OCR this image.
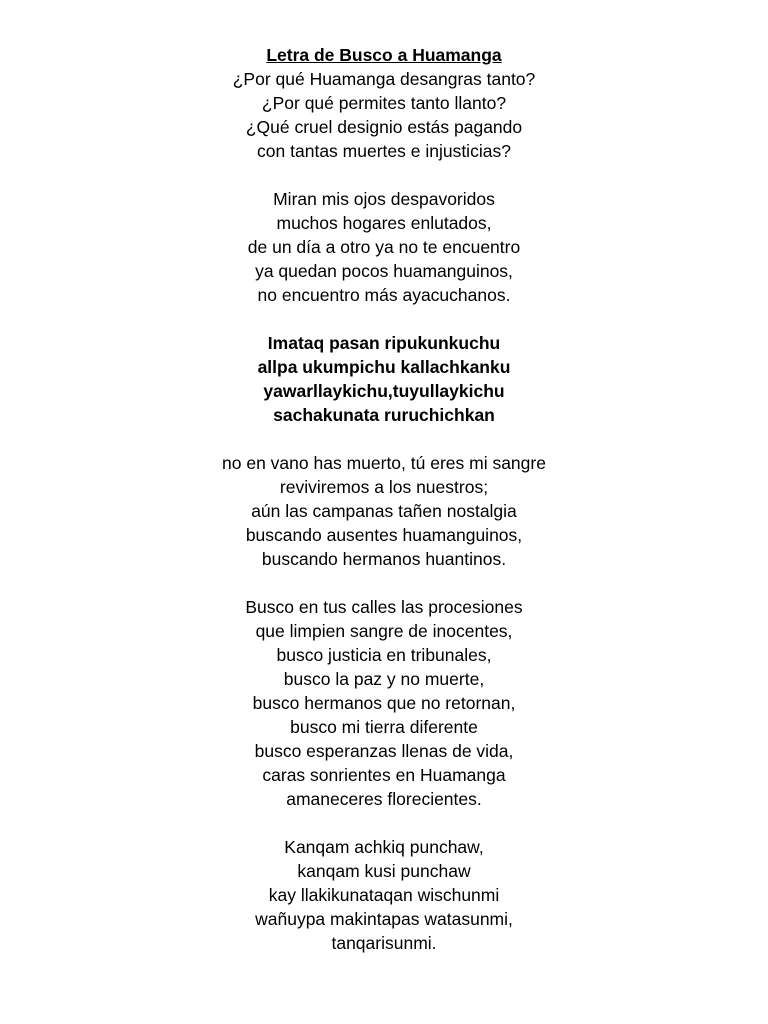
Letra de Busco a Huamanga
¿Por qué Huamanga desangras tanto?
¿Por qué permites tanto llanto?
¿Qué cruel designio estás pagando
con tantas muertes e injusticias?
Miran mis ojos despavoridos
muchos hogares enlutados,
de un día a otro ya no te encuentro
ya quedan pocos huamanguinos,
no encuentro más ayacuchanos.
Imataq pasan ripukunkuchu
allpa ukumpichu kallachkanku
yawarllaykichu,tuyullaykichu
sachakunata ruruchichkan
no en vano has muerto, tú eres mi sangre
reviviremos a los nuestros;
aún las campanas tañen nostalgia
buscando ausentes huamanguinos,
buscando hermanos huantinos.
Busco en tus calles las procesiones
que limpien sangre de inocentes,
busco justicia en tribunales,
busco la paz y no muerte,
busco hermanos que no retornan,
busco mi tierra diferente
busco esperanzas llenas de vida,
caras sonrientes en Huamanga
amaneceres florecientes.
Kanqam achkiq punchaw,
kanqam kusi punchaw
kay llakikunataqan wischunmi
wañuypa makintapas watasunmi,
tanqarisunmi.
